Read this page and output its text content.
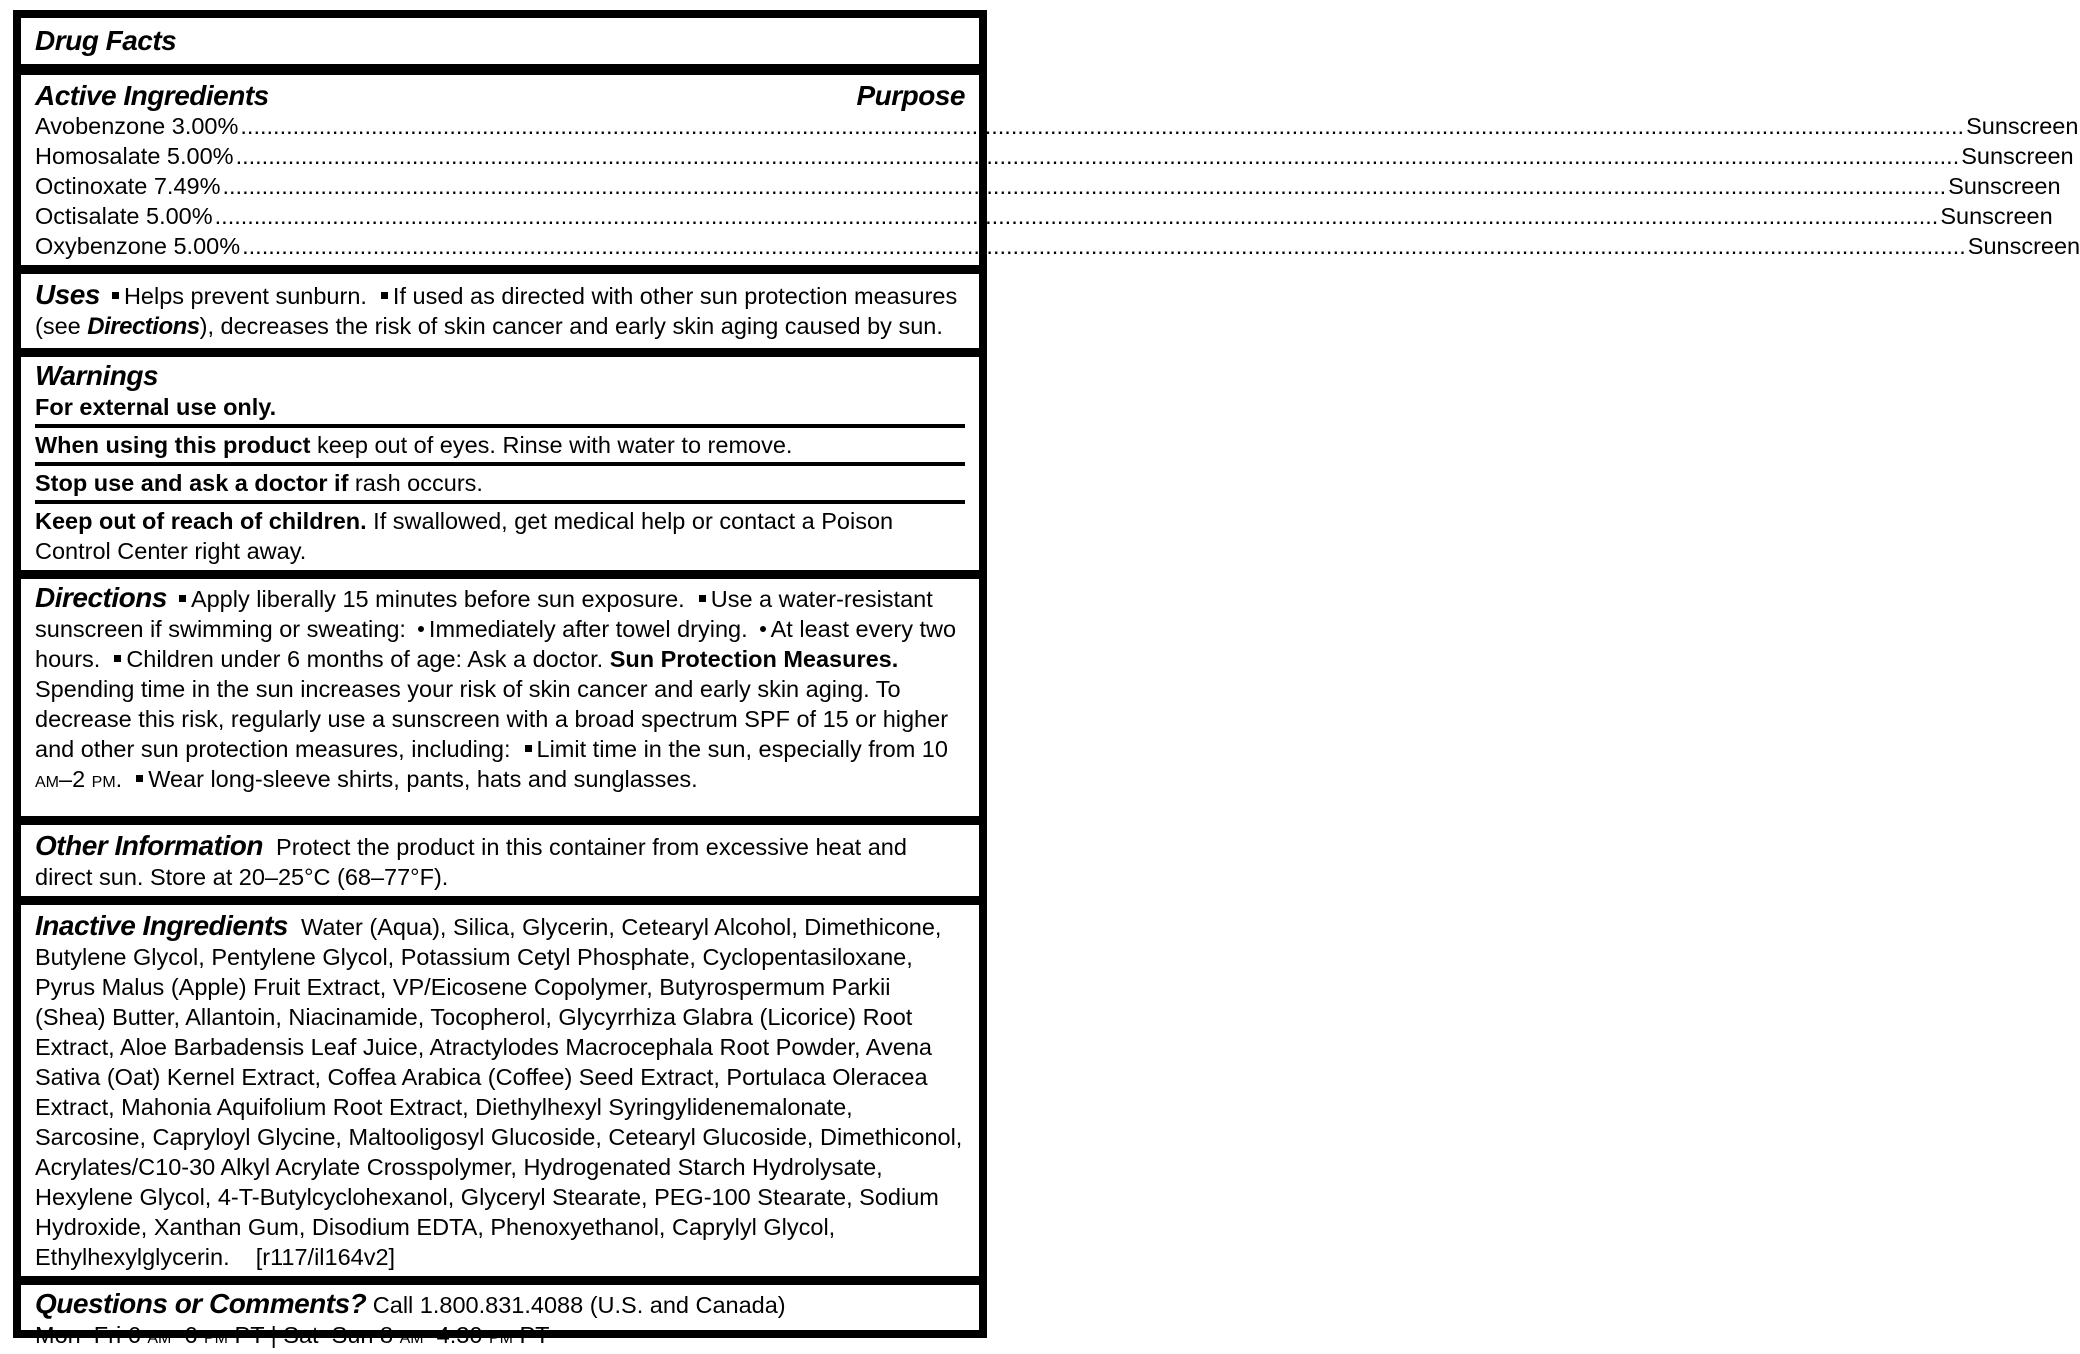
Drug Facts
Active Ingredients	Purpose
Avobenzone 3.00% .....	Sunscreen
Homosalate 5.00% .....	Sunscreen
Octinoxate 7.49% .....	Sunscreen
Octisalate 5.00% .....	Sunscreen
Oxybenzone 5.00% .....	Sunscreen

Uses Helps prevent sunburn. If used as directed with other sun protection measures (see Directions), decreases the risk of skin cancer and early skin aging caused by sun.

Warnings

For external use only.

When using this product keep out of eyes. Rinse with water to remove.

Stop use and ask a doctor if rash occurs.

Keep out of reach of children. If swallowed, get medical help or contact a Poison Control Center right away.

Directions Apply liberally 15 minutes before sun exposure. Use a water-resistant sunscreen if swimming or sweating: Immediately after towel drying. At least every two hours. Children under 6 months of age: Ask a doctor. Sun Protection Measures. Spending time in the sun increases your risk of skin cancer and early skin aging. To decrease this risk, regularly use a sunscreen with a broad spectrum SPF of 15 or higher and other sun protection measures, including: Limit time in the sun, especially from 10 AM–2 PM. Wear long-sleeve shirts, pants, hats and sunglasses.

Other Information Protect the product in this container from excessive heat and direct sun. Store at 20–25°C (68–77°F).

Inactive Ingredients Water (Aqua), Silica, Glycerin, Cetearyl Alcohol, Dimethicone, Butylene Glycol, Pentylene Glycol, Potassium Cetyl Phosphate, Cyclopentasiloxane, Pyrus Malus (Apple) Fruit Extract, VP/Eicosene Copolymer, Butyrospermum Parkii (Shea) Butter, Allantoin, Niacinamide, Tocopherol, Glycyrrhiza Glabra (Licorice) Root Extract, Aloe Barbadensis Leaf Juice, Atractylodes Macrocephala Root Powder, Avena Sativa (Oat) Kernel Extract, Coffea Arabica (Coffee) Seed Extract, Portulaca Oleracea Extract, Mahonia Aquifolium Root Extract, Diethylhexyl Syringylidenemalonate, Sarcosine, Capryloyl Glycine, Maltooligosyl Glucoside, Cetearyl Glucoside, Dimethiconol, Acrylates/C10-30 Alkyl Acrylate Crosspolymer, Hydrogenated Starch Hydrolysate, Hexylene Glycol, 4-T-Butylcyclohexanol, Glyceryl Stearate, PEG-100 Stearate, Sodium Hydroxide, Xanthan Gum, Disodium EDTA, Phenoxyethanol, Caprylyl Glycol, Ethylhexylglycerin. [r117/il164v2]

Questions or Comments? Call 1.800.831.4088 (U.S. and Canada)

Mon–Fri 6 AM–6 PM PT | Sat–Sun 8 AM–4:30 PM PT
